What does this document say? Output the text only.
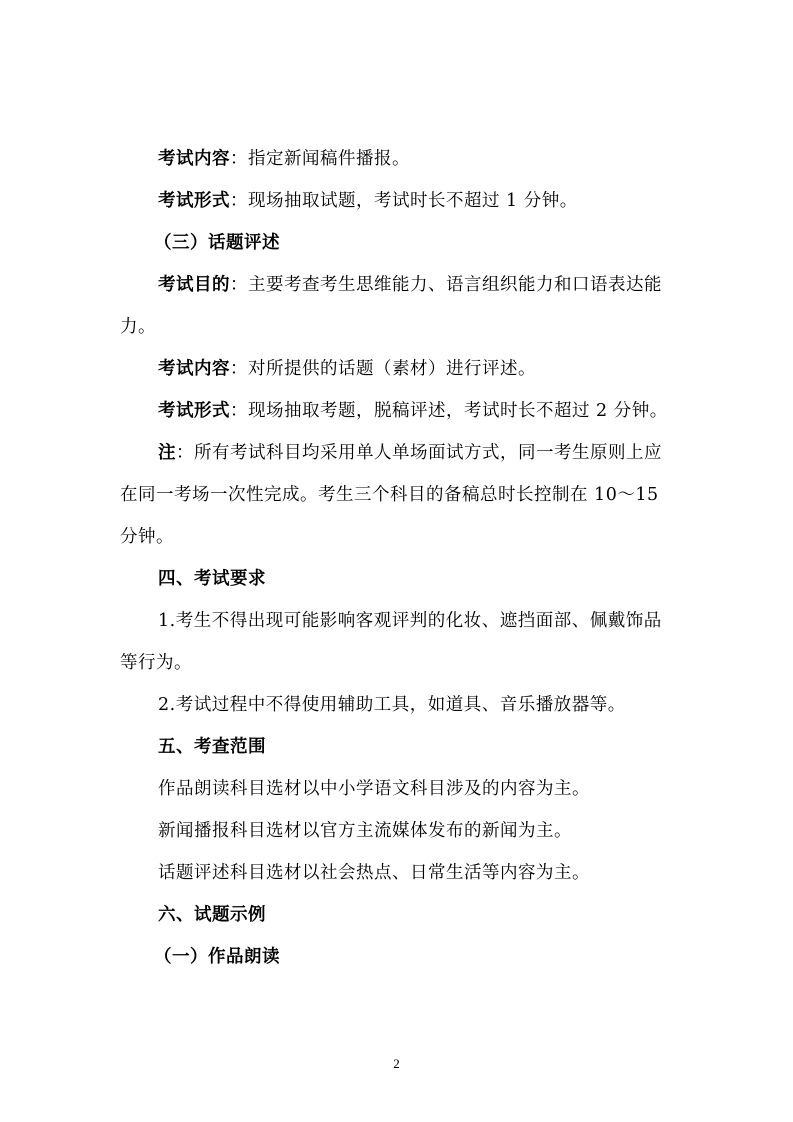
考试内容：指定新闻稿件播报。
考试形式：现场抽取试题，考试时长不超过 1 分钟。
（三）话题评述
考试目的：主要考查考生思维能力、语言组织能力和口语表达能
力。
考试内容：对所提供的话题（素材）进行评述。
考试形式：现场抽取考题，脱稿评述，考试时长不超过 2 分钟。
注：所有考试科目均采用单人单场面试方式，同一考生原则上应
在同一考场一次性完成。考生三个科目的备稿总时长控制在 10～15
分钟。
四、考试要求
1.考生不得出现可能影响客观评判的化妆、遮挡面部、佩戴饰品
等行为。
2.考试过程中不得使用辅助工具，如道具、音乐播放器等。
五、考查范围
作品朗读科目选材以中小学语文科目涉及的内容为主。
新闻播报科目选材以官方主流媒体发布的新闻为主。
话题评述科目选材以社会热点、日常生活等内容为主。
六、试题示例
（一）作品朗读
2
